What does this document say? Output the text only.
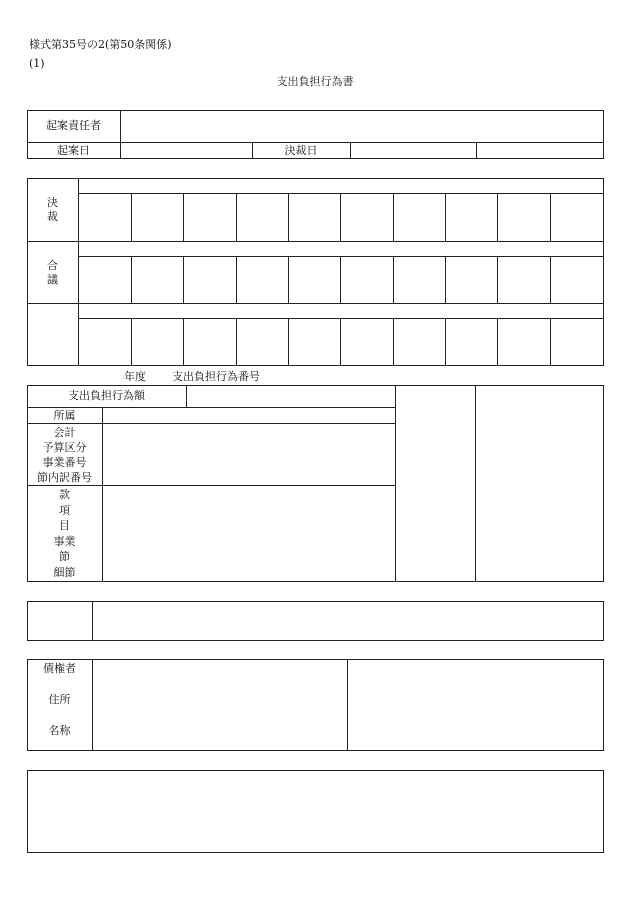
様式第35号の2(第50条関係)
(1)
支出負担行為書
起案責任者
起案日	決裁日
決
裁
合
議
年度 支出負担行為番号
支出負担行為額
所属
会計
予算区分
事業番号
節内訳番号
款
項
目
事業
節
細節
債権者
住所
名称
